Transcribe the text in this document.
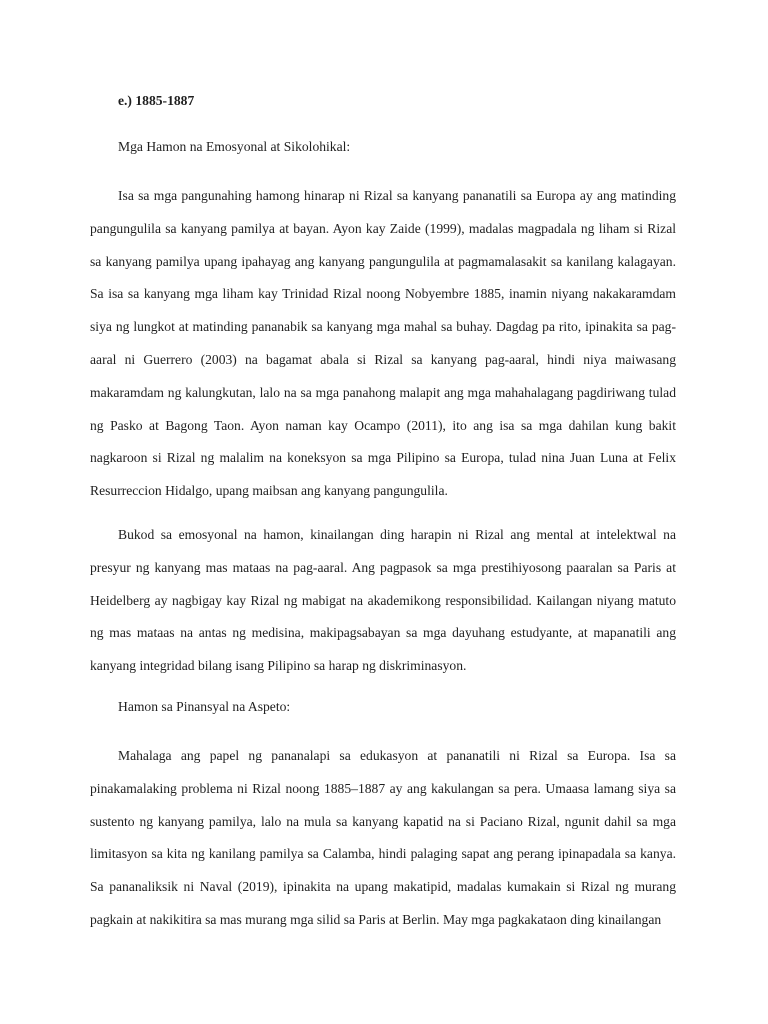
e.) 1885-1887
Mga Hamon na Emosyonal at Sikolohikal:

Isa sa mga pangunahing hamong hinarap ni Rizal sa kanyang pananatili sa Europa ay ang matinding pangungulila sa kanyang pamilya at bayan. Ayon kay Zaide (1999), madalas magpadala ng liham si Rizal sa kanyang pamilya upang ipahayag ang kanyang pangungulila at pagmamalasakit sa kanilang kalagayan. Sa isa sa kanyang mga liham kay Trinidad Rizal noong Nobyembre 1885, inamin niyang nakakaramdam siya ng lungkot at matinding pananabik sa kanyang mga mahal sa buhay. Dagdag pa rito, ipinakita sa pag-aaral ni Guerrero (2003) na bagamat abala si Rizal sa kanyang pag-aaral, hindi niya maiwasang makaramdam ng kalungkutan, lalo na sa mga panahong malapit ang mga mahahalagang pagdiriwang tulad ng Pasko at Bagong Taon. Ayon naman kay Ocampo (2011), ito ang isa sa mga dahilan kung bakit nagkaroon si Rizal ng malalim na koneksyon sa mga Pilipino sa Europa, tulad nina Juan Luna at Felix Resurreccion Hidalgo, upang maibsan ang kanyang pangungulila.

Bukod sa emosyonal na hamon, kinailangan ding harapin ni Rizal ang mental at intelektwal na presyur ng kanyang mas mataas na pag-aaral. Ang pagpasok sa mga prestihiyosong paaralan sa Paris at Heidelberg ay nagbigay kay Rizal ng mabigat na akademikong responsibilidad. Kailangan niyang matuto ng mas mataas na antas ng medisina, makipagsabayan sa mga dayuhang estudyante, at mapanatili ang kanyang integridad bilang isang Pilipino sa harap ng diskriminasyon.

Hamon sa Pinansyal na Aspeto:

Mahalaga ang papel ng pananalapi sa edukasyon at pananatili ni Rizal sa Europa. Isa sa pinakamalaking problema ni Rizal noong 1885–1887 ay ang kakulangan sa pera. Umaasa lamang siya sa sustento ng kanyang pamilya, lalo na mula sa kanyang kapatid na si Paciano Rizal, ngunit dahil sa mga limitasyon sa kita ng kanilang pamilya sa Calamba, hindi palaging sapat ang perang ipinapadala sa kanya. Sa pananaliksik ni Naval (2019), ipinakita na upang makatipid, madalas kumakain si Rizal ng murang pagkain at nakikitira sa mas murang mga silid sa Paris at Berlin. May mga pagkakataon ding kinailangan
